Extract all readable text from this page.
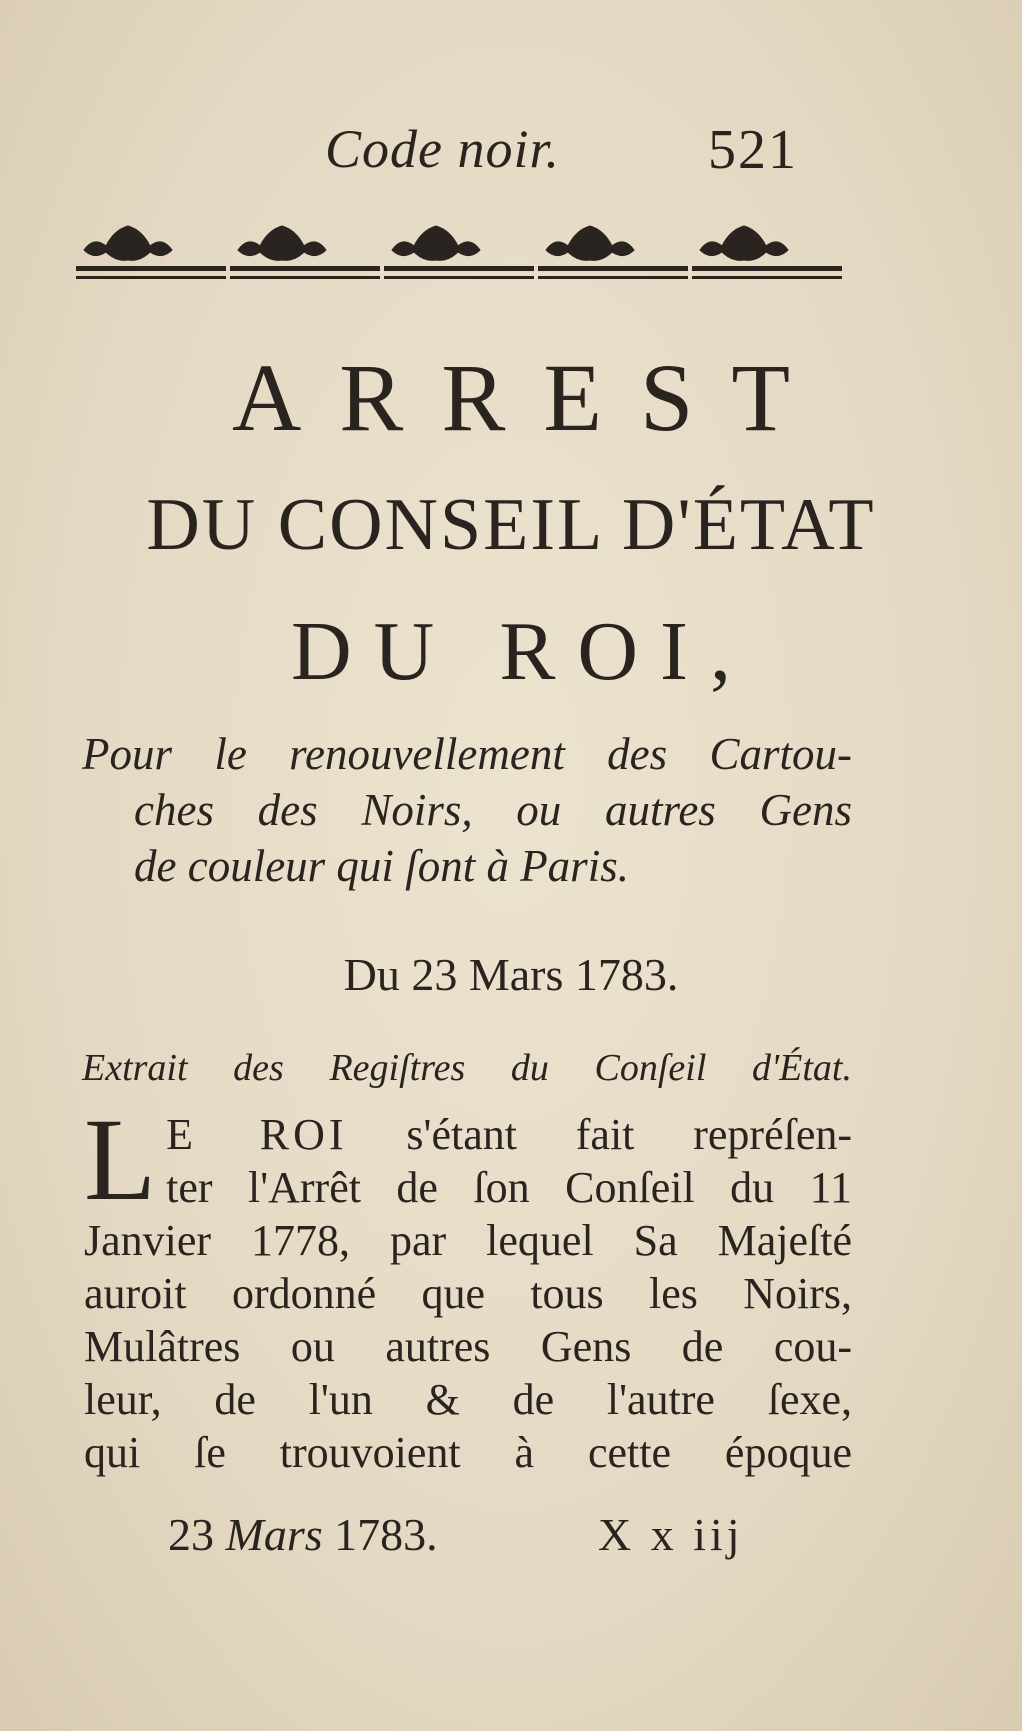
Code noir.	521
ARREST
DU CONSEIL D'ÉTAT
DU ROI,
Pour le renouvellement des Cartou-
ches des Noirs, ou autres Gens
de couleur qui ſont à Paris.
Du 23 Mars 1783.
Extrait des Regiſtres du Conſeil d'État.
L E ROI s'étant fait repréſen-
ter l'Arrêt de ſon Conſeil du 11
Janvier 1778, par lequel Sa Majeſté
auroit ordonné que tous les Noirs,
Mulâtres ou autres Gens de cou-
leur, de l'un & de l'autre ſexe,
qui ſe trouvoient à cette époque
23 Mars 1783.	X x iij
